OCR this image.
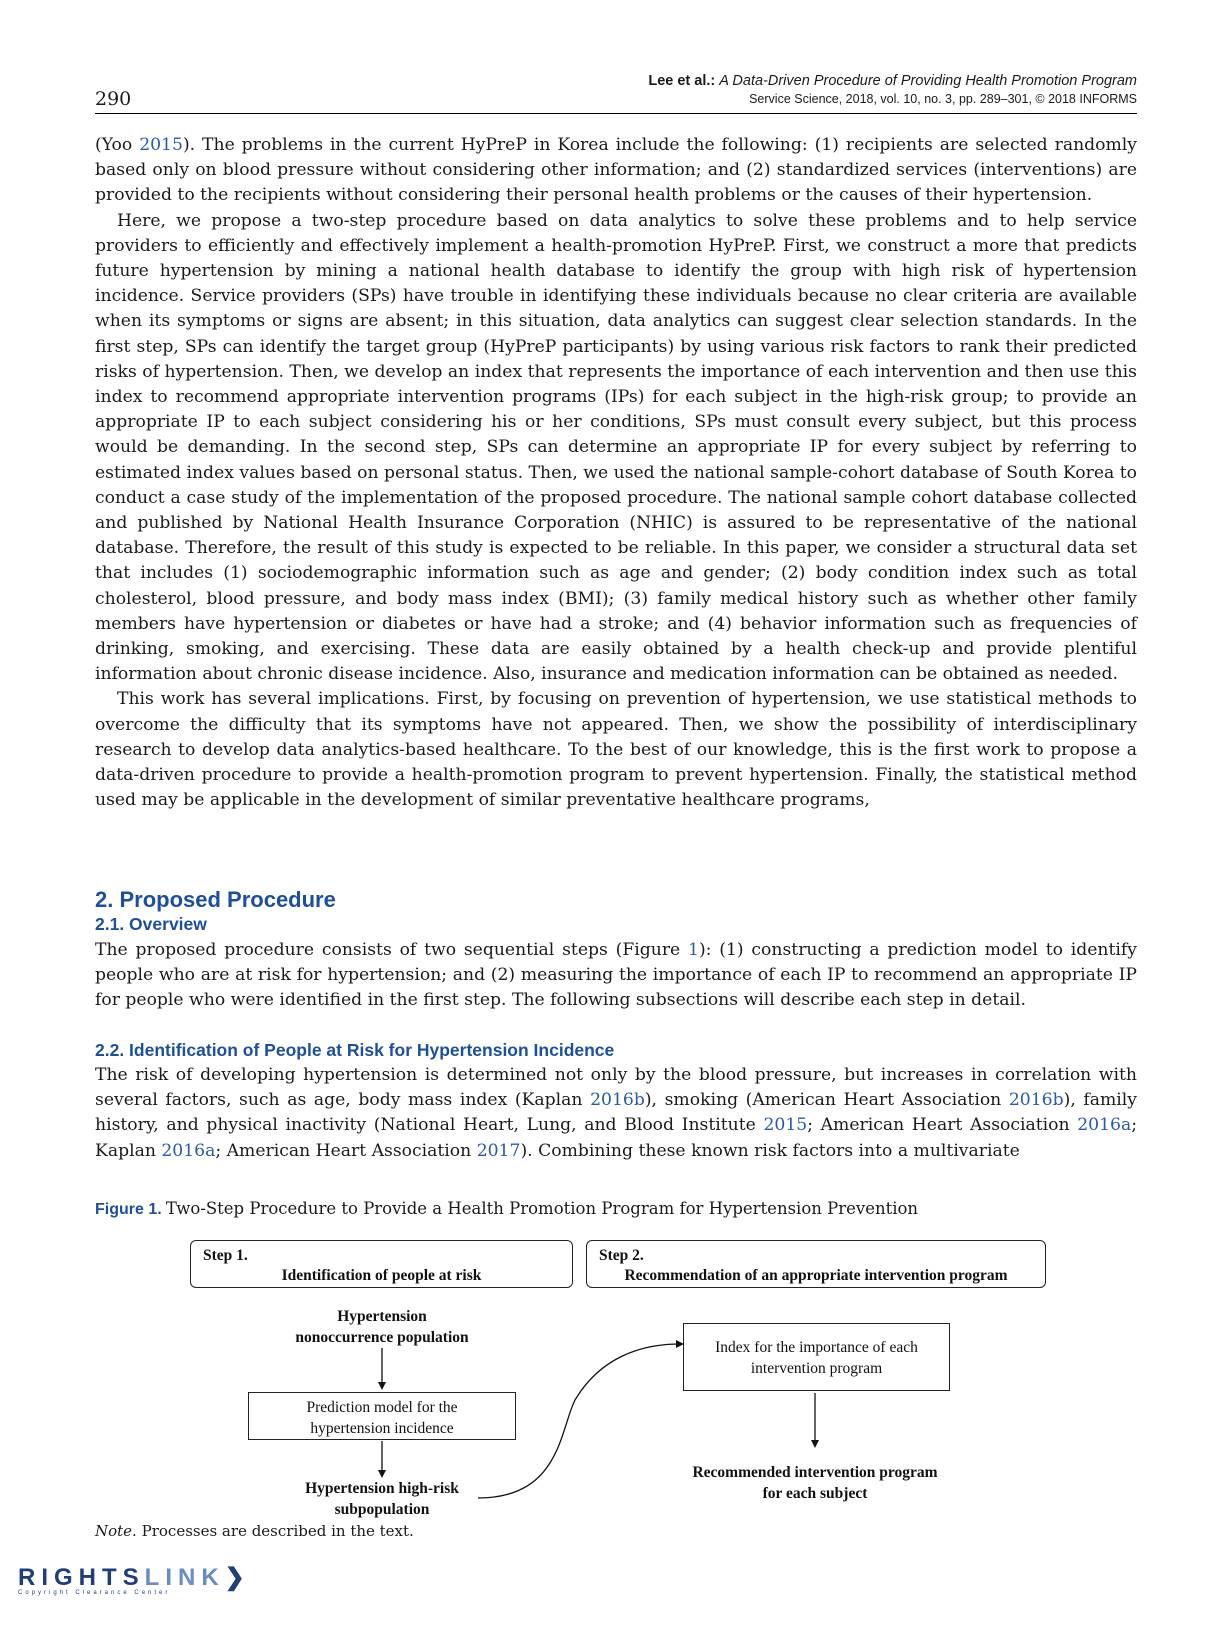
290
Lee et al.: A Data-Driven Procedure of Providing Health Promotion Program
Service Science, 2018, vol. 10, no. 3, pp. 289–301, © 2018 INFORMS

(Yoo 2015). The problems in the current HyPreP in Korea include the following: (1) recipients are selected randomly based only on blood pressure without considering other information; and (2) standardized services (interventions) are provided to the recipients without considering their personal health problems or the causes of their hypertension.

Here, we propose a two-step procedure based on data analytics to solve these problems and to help service providers to efficiently and effectively implement a health-promotion HyPreP. First, we construct a more that predicts future hypertension by mining a national health database to identify the group with high risk of hypertension incidence. Service providers (SPs) have trouble in identifying these individuals because no clear criteria are available when its symptoms or signs are absent; in this situation, data analytics can suggest clear selection standards. In the first step, SPs can identify the target group (HyPreP participants) by using various risk factors to rank their predicted risks of hypertension. Then, we develop an index that represents the importance of each intervention and then use this index to recommend appropriate intervention programs (IPs) for each subject in the high-risk group; to provide an appropriate IP to each subject considering his or her conditions, SPs must consult every subject, but this process would be demanding. In the second step, SPs can determine an appropriate IP for every subject by referring to estimated index values based on personal status. Then, we used the national sample-cohort database of South Korea to conduct a case study of the implementation of the proposed procedure. The national sample cohort database collected and published by National Health Insurance Corporation (NHIC) is assured to be representative of the national database. Therefore, the result of this study is expected to be reliable. In this paper, we consider a structural data set that includes (1) sociodemographic information such as age and gender; (2) body condition index such as total cholesterol, blood pressure, and body mass index (BMI); (3) family medical history such as whether other family members have hypertension or diabetes or have had a stroke; and (4) behavior information such as frequencies of drinking, smoking, and exercising. These data are easily obtained by a health check-up and provide plentiful information about chronic disease incidence. Also, insurance and medication information can be obtained as needed.

This work has several implications. First, by focusing on prevention of hypertension, we use statistical methods to overcome the difficulty that its symptoms have not appeared. Then, we show the possibility of interdisciplinary research to develop data analytics-based healthcare. To the best of our knowledge, this is the first work to propose a data-driven procedure to provide a health-promotion program to prevent hypertension. Finally, the statistical method used may be applicable in the development of similar preventative healthcare programs,

2. Proposed Procedure
2.1. Overview

The proposed procedure consists of two sequential steps (Figure 1): (1) constructing a prediction model to identify people who are at risk for hypertension; and (2) measuring the importance of each IP to recommend an appropriate IP for people who were identified in the first step. The following subsections will describe each step in detail.

2.2. Identification of People at Risk for Hypertension Incidence

The risk of developing hypertension is determined not only by the blood pressure, but increases in correlation with several factors, such as age, body mass index (Kaplan 2016b), smoking (American Heart Association 2016b), family history, and physical inactivity (National Heart, Lung, and Blood Institute 2015; American Heart Association 2016a; Kaplan 2016a; American Heart Association 2017). Combining these known risk factors into a multivariate

Figure 1. Two-Step Procedure to Provide a Health Promotion Program for Hypertension Prevention
Step 1.
Identification of people at risk
Step 2.
Recommendation of an appropriate intervention program
Hypertension
nonoccurrence population
Prediction model for the
hypertension incidence
Hypertension high-risk
subpopulation
Index for the importance of each
intervention program
Recommended intervention program
for each subject
Note. Processes are described in the text.
RIGHTSLINK❯
Copyright Clearance Center
